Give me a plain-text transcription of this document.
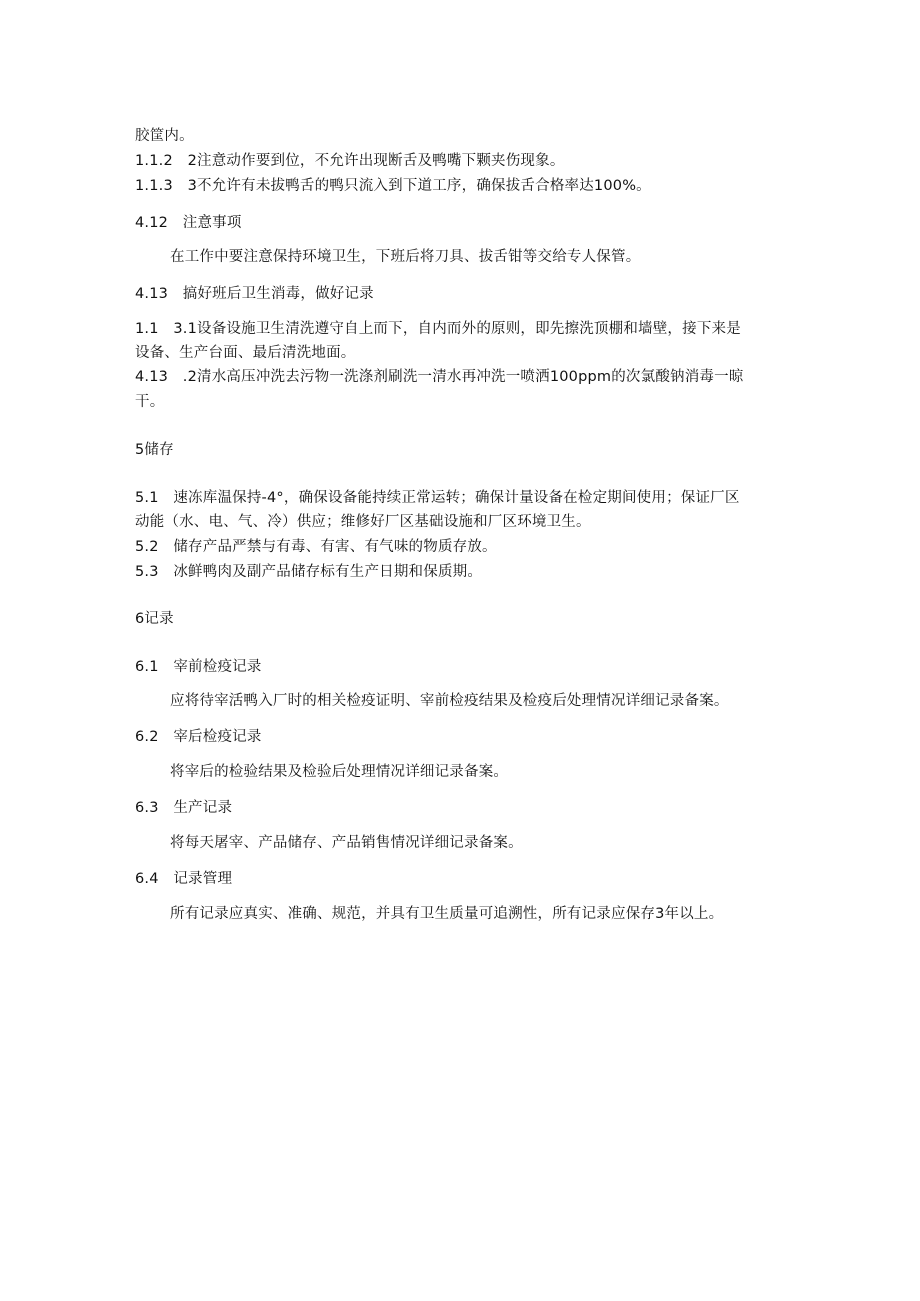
胶筐内。
1.1.2　2注意动作要到位，不允许出现断舌及鸭嘴下颗夹伤现象。
1.1.3　3不允许有未拔鸭舌的鸭只流入到下道工序，确保拔舌合格率达100%。
4.12　注意事项
在工作中要注意保持环境卫生，下班后将刀具、拔舌钳等交给专人保管。
4.13　搞好班后卫生消毒，做好记录
1.1　3.1设备设施卫生清洗遵守自上而下，自内而外的原则，即先擦洗顶棚和墙壁，接下来是
设备、生产台面、最后清洗地面。
4.13　.2清水高压冲洗去污物一洗涤剂刷洗一清水再冲洗一喷洒100ppm的次氯酸钠消毒一晾
干。
5储存
5.1　速冻库温保持-4°，确保设备能持续正常运转；确保计量设备在检定期间使用；保证厂区
动能（水、电、气、冷）供应；维修好厂区基础设施和厂区环境卫生。
5.2　储存产品严禁与有毒、有害、有气味的物质存放。
5.3　冰鲜鸭肉及副产品储存标有生产日期和保质期。
6记录
6.1　宰前检疫记录
应将待宰活鸭入厂时的相关检疫证明、宰前检疫结果及检疫后处理情况详细记录备案。
6.2　宰后检疫记录
将宰后的检验结果及检验后处理情况详细记录备案。
6.3　生产记录
将每天屠宰、产品储存、产品销售情况详细记录备案。
6.4　记录管理
所有记录应真实、准确、规范，并具有卫生质量可追溯性，所有记录应保存3年以上。
